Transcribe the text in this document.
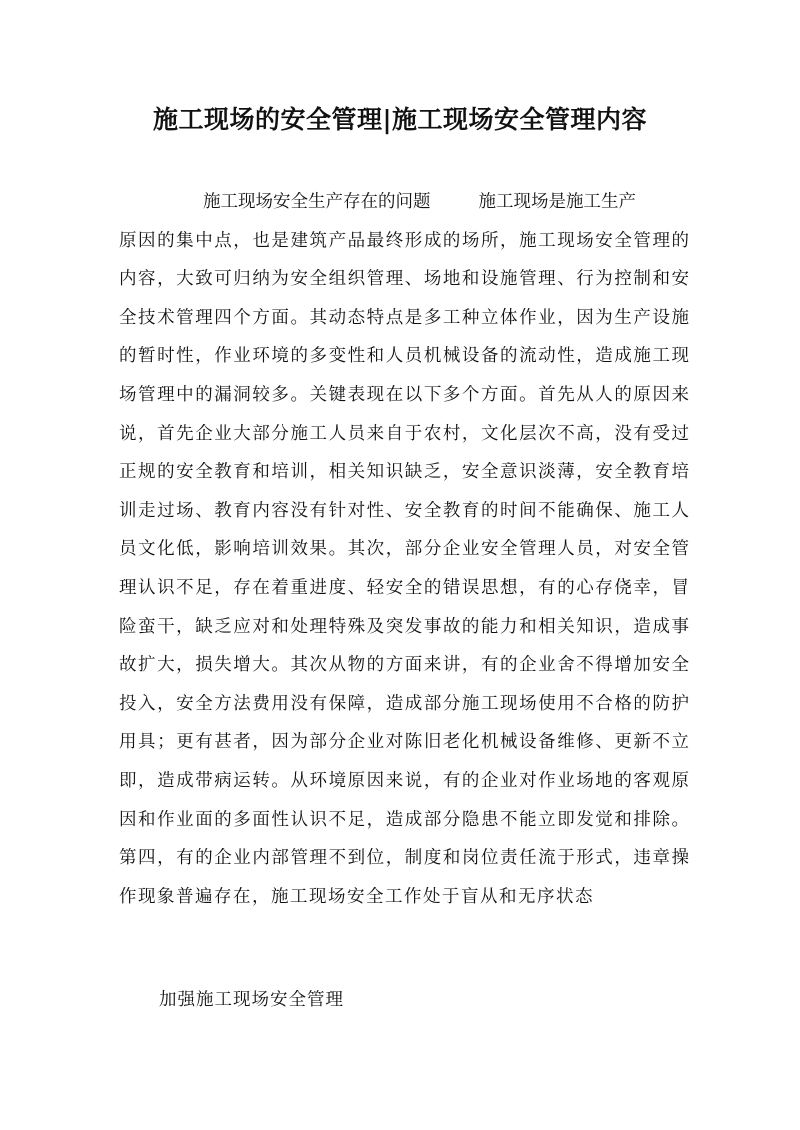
施工现场的安全管理|施工现场安全管理内容
施工现场安全生产存在的问题	施工现场是施工生产
原因的集中点，也是建筑产品最终形成的场所，施工现场安全管理的
内容，大致可归纳为安全组织管理、场地和设施管理、行为控制和安
全技术管理四个方面。其动态特点是多工种立体作业，因为生产设施
的暂时性，作业环境的多变性和人员机械设备的流动性，造成施工现
场管理中的漏洞较多。关键表现在以下多个方面。首先从人的原因来
说，首先企业大部分施工人员来自于农村，文化层次不高，没有受过
正规的安全教育和培训，相关知识缺乏，安全意识淡薄，安全教育培
训走过场、教育内容没有针对性、安全教育的时间不能确保、施工人
员文化低，影响培训效果。其次，部分企业安全管理人员，对安全管
理认识不足，存在着重进度、轻安全的错误思想，有的心存侥幸，冒
险蛮干，缺乏应对和处理特殊及突发事故的能力和相关知识，造成事
故扩大，损失增大。其次从物的方面来讲，有的企业舍不得增加安全
投入，安全方法费用没有保障，造成部分施工现场使用不合格的防护
用具；更有甚者，因为部分企业对陈旧老化机械设备维修、更新不立
即，造成带病运转。从环境原因来说，有的企业对作业场地的客观原
因和作业面的多面性认识不足，造成部分隐患不能立即发觉和排除。
第四，有的企业内部管理不到位，制度和岗位责任流于形式，违章操
作现象普遍存在，施工现场安全工作处于盲从和无序状态
加强施工现场安全管理
